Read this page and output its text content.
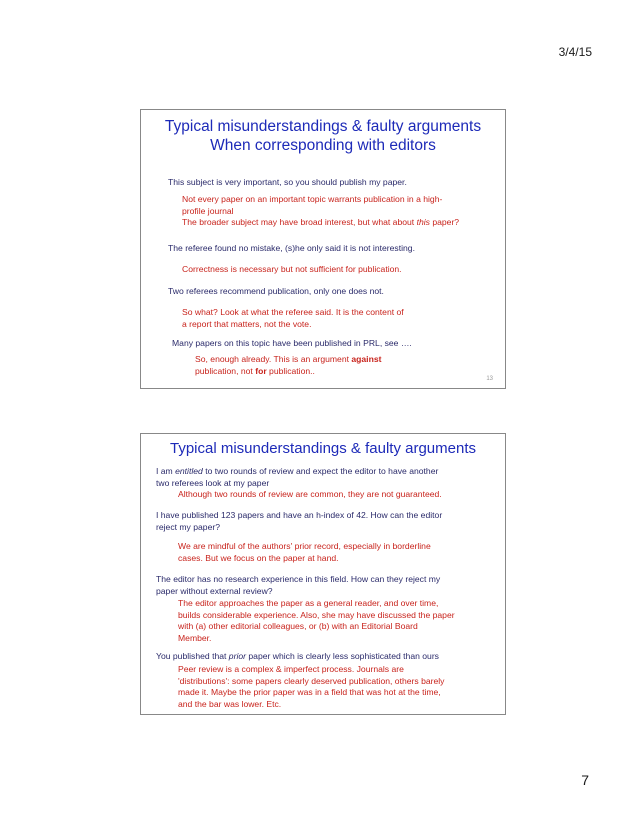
3/4/15
Typical misunderstandings & faulty arguments
When corresponding with editors
This subject is very important, so you should publish my paper.
Not every paper on an important topic warrants publication in a high-
profile journal
The broader subject may have broad interest, but what about this paper?
The referee found no mistake, (s)he only said it is not interesting.
Correctness is necessary but not sufficient for publication.
Two referees recommend publication, only one does not.
So what? Look at what the referee said. It is the content of
a report that matters, not the vote.
Many papers on this topic have been published in PRL, see ….
So, enough already. This is an argument against
publication, not for publication..
13
Typical misunderstandings & faulty arguments
I am entitled to two rounds of review and expect the editor to have another
two referees look at my paper
Although two rounds of review are common, they are not guaranteed.
I have published 123 papers and have an h-index of 42. How can the editor
reject my paper?
We are mindful of the authors' prior record, especially in borderline
cases. But we focus on the paper at hand.
The editor has no research experience in this field. How can they reject my
paper without external review?
The editor approaches the paper as a general reader, and over time,
builds considerable experience. Also, she may have discussed the paper
with (a) other editorial colleagues, or (b) with an Editorial Board
Member.
You published that prior paper which is clearly less sophisticated than ours
Peer review is a complex & imperfect process. Journals are
'distributions': some papers clearly deserved publication, others barely
made it. Maybe the prior paper was in a field that was hot at the time,
and the bar was lower. Etc.
7
